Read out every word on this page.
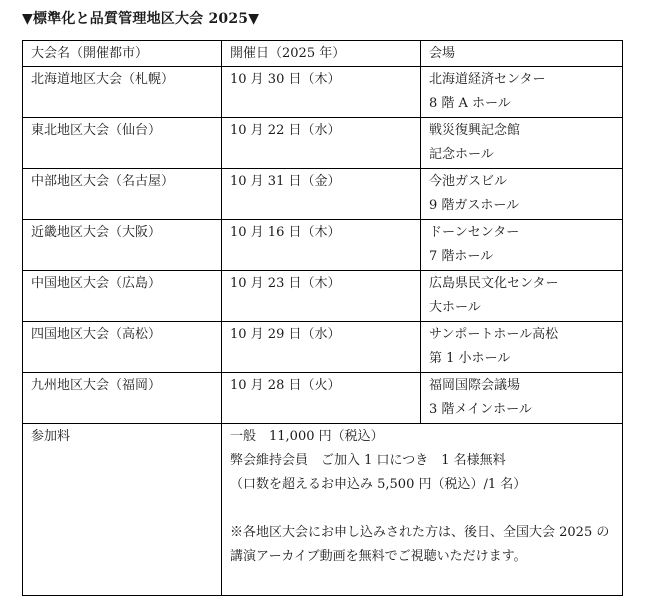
▼標準化と品質管理地区大会 2025▼
大会名（開催都市）	開催日（2025 年）	会場
北海道地区大会（札幌）	10 月 30 日（木）	北海道経済センター
8 階 A ホール

東北地区大会（仙台）	10 月 22 日（水）	戦災復興記念館
記念ホール

中部地区大会（名古屋）	10 月 31 日（金）	今池ガスビル
9 階ガスホール

近畿地区大会（大阪）	10 月 16 日（木）	ドーンセンター
7 階ホール

中国地区大会（広島）	10 月 23 日（木）	広島県民文化センター
大ホール

四国地区大会（高松）	10 月 29 日（水）	サンポートホール高松
第 1 小ホール

九州地区大会（福岡）	10 月 28 日（火）	福岡国際会議場
3 階メインホール

参加料	一般　11,000 円（税込）
弊会維持会員　ご加入 1 口につき　1 名様無料
（口数を超えるお申込み 5,500 円（税込）/1 名）
※各地区大会にお申し込みされた方は、後日、全国大会 2025 の講演アーカイブ動画を無料でご視聴いただけます。	
